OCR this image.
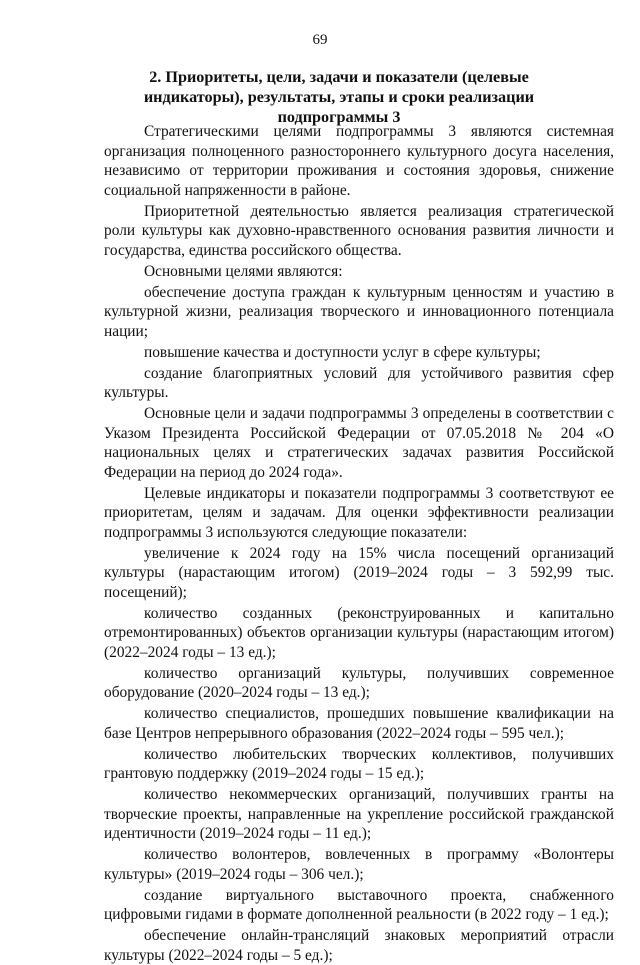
69
2. Приоритеты, цели, задачи и показатели (целевые индикаторы), результаты, этапы и сроки реализации подпрограммы 3

Стратегическими целями подпрограммы 3 являются системная организация полноценного разностороннего культурного досуга населения, независимо от территории проживания и состояния здоровья, снижение социальной напряженности в районе.

Приоритетной деятельностью является реализация стратегической роли культуры как духовно-нравственного основания развития личности и государства, единства российского общества.

Основными целями являются:

обеспечение доступа граждан к культурным ценностям и участию в культурной жизни, реализация творческого и инновационного потенциала нации;

повышение качества и доступности услуг в сфере культуры;

создание благоприятных условий для устойчивого развития сфер культуры.

Основные цели и задачи подпрограммы 3 определены в соответствии с Указом Президента Российской Федерации от 07.05.2018 № 204 «О национальных целях и стратегических задачах развития Российской Федерации на период до 2024 года».

Целевые индикаторы и показатели подпрограммы 3 соответствуют ее приоритетам, целям и задачам. Для оценки эффективности реализации подпрограммы 3 используются следующие показатели:

увеличение к 2024 году на 15% числа посещений организаций культуры (нарастающим итогом) (2019–2024 годы – 3 592,99 тыс. посещений);

количество созданных (реконструированных и капитально отремонтированных) объектов организации культуры (нарастающим итогом) (2022–2024 годы – 13 ед.);

количество организаций культуры, получивших современное оборудование (2020–2024 годы – 13 ед.);

количество специалистов, прошедших повышение квалификации на базе Центров непрерывного образования (2022–2024 годы – 595 чел.);

количество любительских творческих коллективов, получивших грантовую поддержку (2019–2024 годы – 15 ед.);

количество некоммерческих организаций, получивших гранты на творческие проекты, направленные на укрепление российской гражданской идентичности (2019–2024 годы – 11 ед.);

количество волонтеров, вовлеченных в программу «Волонтеры культуры» (2019–2024 годы – 306 чел.);

создание виртуального выставочного проекта, снабженного цифровыми гидами в формате дополненной реальности (в 2022 году – 1 ед.);

обеспечение онлайн-трансляций знаковых мероприятий отрасли культуры (2022–2024 годы – 5 ед.);
